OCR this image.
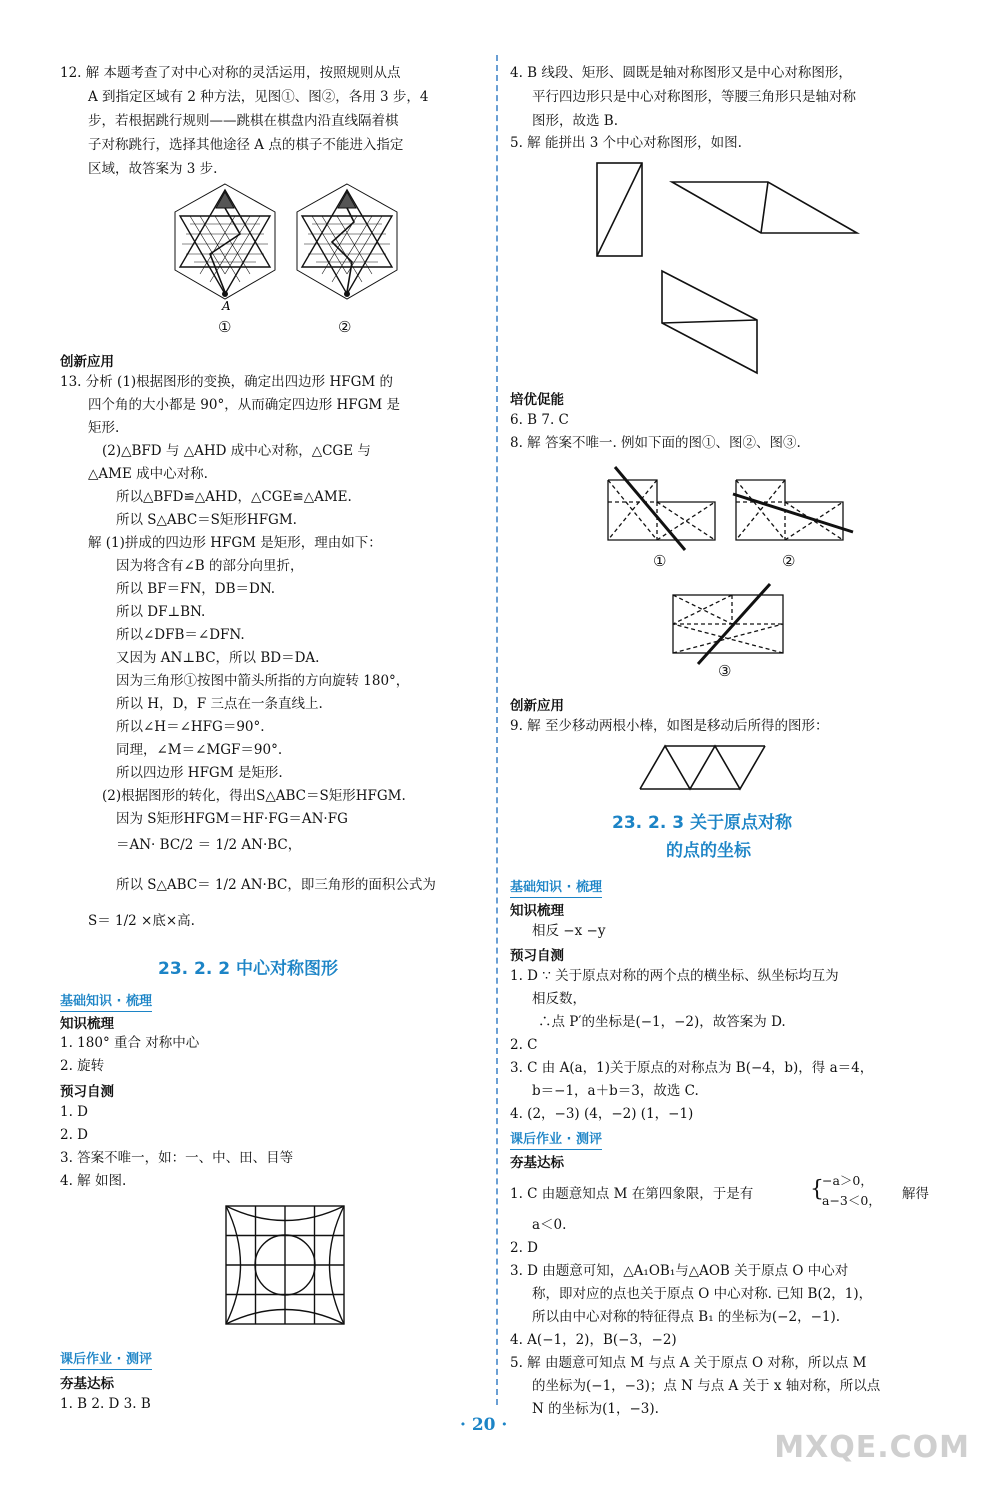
12. 解 本题考查了对中心对称的灵活运用，按照规则从点
A 到指定区域有 2 种方法，见图①、图②，各用 3 步，4
步，若根据跳行规则——跳棋在棋盘内沿直线隔着棋
子对称跳行，选择其他途径 A 点的棋子不能进入指定
区域，故答案为 3 步.
A
①	②
创新应用
13. 分析 (1)根据图形的变换，确定出四边形 HFGM 的
四个角的大小都是 90°，从而确定四边形 HFGM 是
矩形.
(2)△BFD 与 △AHD 成中心对称，△CGE 与
△AME 成中心对称.
所以△BFD≌△AHD，△CGE≌△AME.
所以 S△ABC＝S矩形HFGM.
解 (1)拼成的四边形 HFGM 是矩形，理由如下：
因为将含有∠B 的部分向里折，
所以 BF＝FN，DB＝DN.
所以 DF⊥BN.
所以∠DFB＝∠DFN.
又因为 AN⊥BC，所以 BD＝DA.
因为三角形①按图中箭头所指的方向旋转 180°，
所以 H，D，F 三点在一条直线上.
所以∠H＝∠HFG＝90°.
同理，∠M＝∠MGF＝90°.
所以四边形 HFGM 是矩形.
(2)根据图形的转化，得出S△ABC＝S矩形HFGM.
因为 S矩形HFGM＝HF·FG＝AN·FG
＝AN· BC/2 ＝ 1/2 AN·BC，
所以 S△ABC＝ 1/2 AN·BC，即三角形的面积公式为
S＝ 1/2 ×底×高.
23. 2. 2 中心对称图形
基础知识 · 梳理
知识梳理
1. 180° 重合 对称中心
2. 旋转
预习自测
1. D
2. D
3. 答案不唯一，如：一、中、田、目等
4. 解 如图.
课后作业 · 测评
夯基达标
1. B 2. D 3. B
4. B 线段、矩形、圆既是轴对称图形又是中心对称图形，
平行四边形只是中心对称图形，等腰三角形只是轴对称
图形，故选 B.
5. 解 能拼出 3 个中心对称图形，如图.
培优促能
6. B 7. C
8. 解 答案不唯一. 例如下面的图①、图②、图③.
①	②
③
创新应用
9. 解 至少移动两根小棒，如图是移动后所得的图形：
23. 2. 3 关于原点对称
的点的坐标
基础知识 · 梳理
知识梳理
相反 −x −y
预习自测
1. D ∵ 关于原点对称的两个点的横坐标、纵坐标均互为
相反数，
∴点 P′的坐标是(−1，−2)，故答案为 D.
2. C
3. C 由 A(a，1)关于原点的对称点为 B(−4，b)，得 a＝4，
b＝−1，a＋b＝3，故选 C.
4. (2，−3) (4，−2) (1，−1)
课后作业 · 测评
夯基达标
1. C 由题意知点 M 在第四象限，于是有	{
−a＞0，
a−3＜0， 解得
a＜0.
2. D
3. D 由题意可知，△A₁OB₁与△AOB 关于原点 O 中心对
称，即对应的点也关于原点 O 中心对称. 已知 B(2，1)，
所以由中心对称的特征得点 B₁ 的坐标为(−2，−1).
4. A(−1，2)，B(−3，−2)
5. 解 由题意可知点 M 与点 A 关于原点 O 对称，所以点 M
的坐标为(−1，−3)；点 N 与点 A 关于 x 轴对称，所以点
N 的坐标为(1，−3).
· 20 ·
MXQE.COM
